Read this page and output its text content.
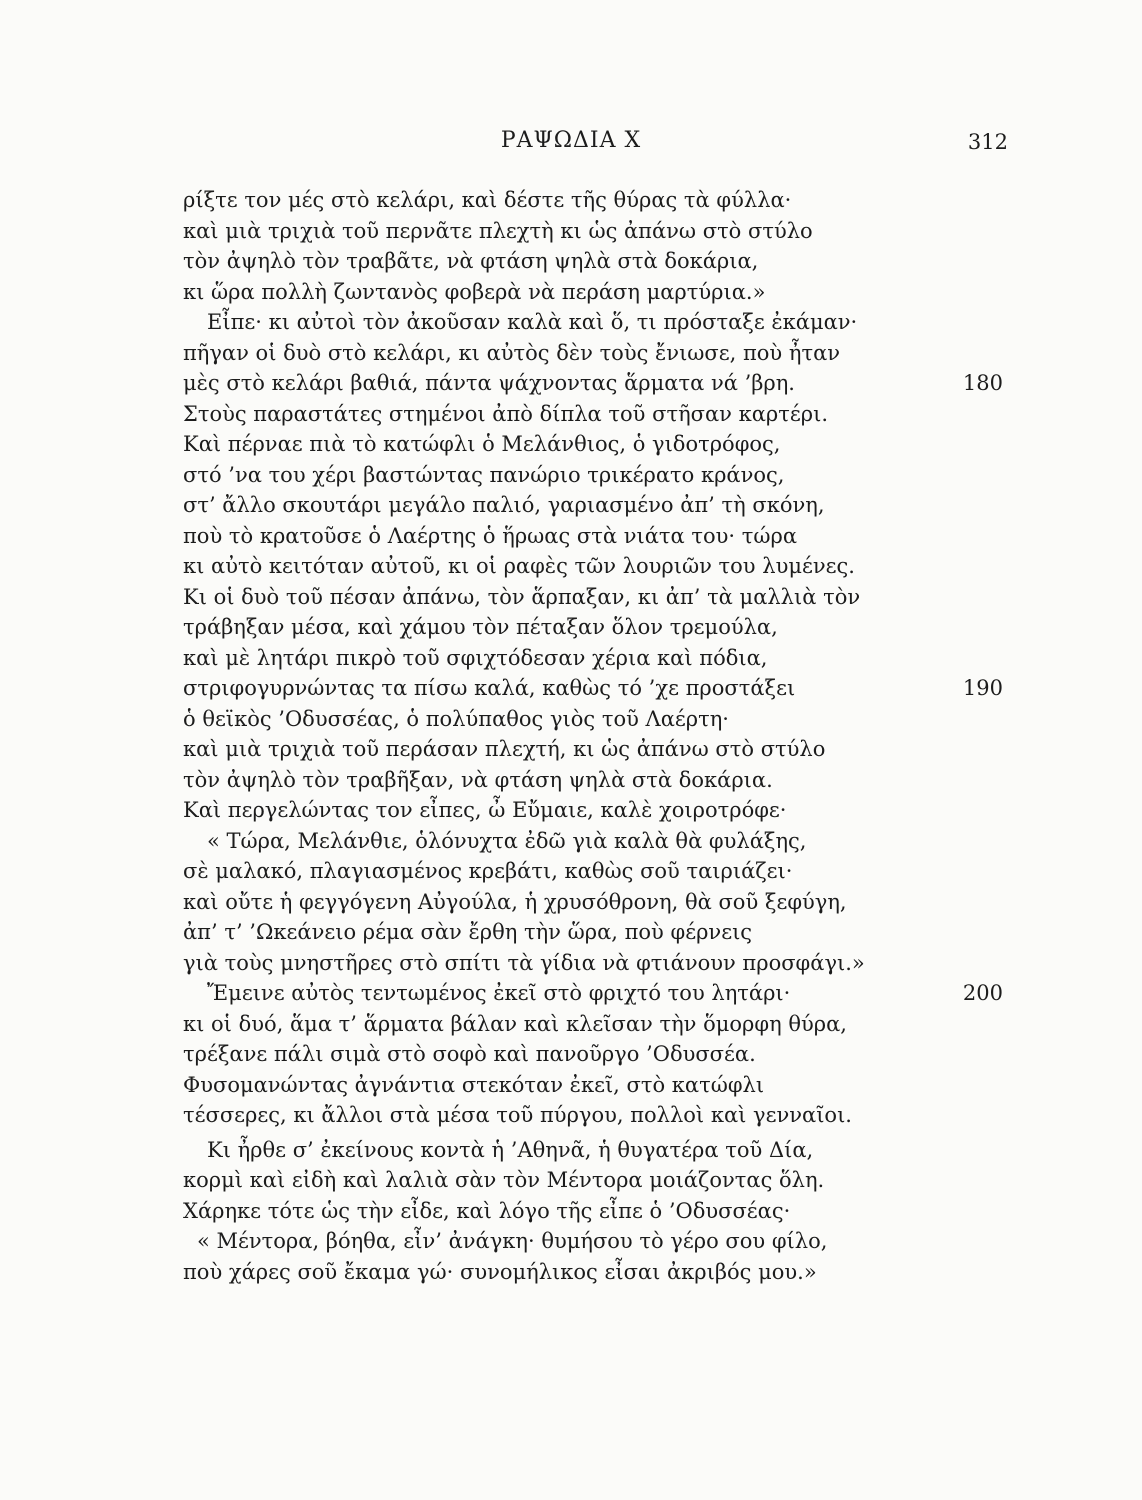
ΡΑΨΩΔΙΑ Χ	312
ρίξτε τον μές στὸ κελάρι, καὶ δέστε τῆς θύρας τὰ φύλλα·
καὶ μιὰ τριχιὰ τοῦ περνᾶτε πλεχτὴ κι ὡς ἀπάνω στὸ στύλο
τὸν ἀψηλὸ τὸν τραβᾶτε, νὰ φτάση ψηλὰ στὰ δοκάρια,
κι ὥρα πολλὴ ζωντανὸς φοβερὰ νὰ περάση μαρτύρια.»
Εἶπε· κι αὐτοὶ τὸν ἀκοῦσαν καλὰ καὶ ὅ, τι πρόσταξε ἐκάμαν·
πῆγαν οἱ δυὸ στὸ κελάρι, κι αὐτὸς δὲν τοὺς ἔνιωσε, ποὺ ἦταν
μὲς στὸ κελάρι βαθιά, πάντα ψάχνοντας ἅρματα νά ’βρη.	180
Στοὺς παραστάτες στημένοι ἀπὸ δίπλα τοῦ στῆσαν καρτέρι.
Καὶ πέρναε πιὰ τὸ κατώφλι ὁ Μελάνθιος, ὁ γιδοτρόφος,
στό ’να του χέρι βαστώντας πανώριο τρικέρατο κράνος,
στ’ ἄλλο σκουτάρι μεγάλο παλιό, γαριασμένο ἀπ’ τὴ σκόνη,
ποὺ τὸ κρατοῦσε ὁ Λαέρτης ὁ ἥρωας στὰ νιάτα του· τώρα
κι αὐτὸ κειτόταν αὐτοῦ, κι οἱ ραφὲς τῶν λουριῶν του λυμένες.
Κι οἱ δυὸ τοῦ πέσαν ἀπάνω, τὸν ἅρπαξαν, κι ἀπ’ τὰ μαλλιὰ τὸν
τράβηξαν μέσα, καὶ χάμου τὸν πέταξαν ὅλον τρεμούλα,
καὶ μὲ λητάρι πικρὸ τοῦ σφιχτόδεσαν χέρια καὶ πόδια,
στριφογυρνώντας τα πίσω καλά, καθὼς τό ’χε προστάξει	190
ὁ θεϊκὸς ’Οδυσσέας, ὁ πολύπαθος γιὸς τοῦ Λαέρτη·
καὶ μιὰ τριχιὰ τοῦ περάσαν πλεχτή, κι ὡς ἀπάνω στὸ στύλο
τὸν ἀψηλὸ τὸν τραβῆξαν, νὰ φτάση ψηλὰ στὰ δοκάρια.
Καὶ περγελώντας τον εἶπες, ὦ Εὔμαιε, καλὲ χοιροτρόφε·
« Τώρα, Μελάνθιε, ὁλόνυχτα ἐδῶ γιὰ καλὰ θὰ φυλάξης,
σὲ μαλακό, πλαγιασμένος κρεβάτι, καθὼς σοῦ ταιριάζει·
καὶ οὔτε ἡ φεγγόγενη Αὐγούλα, ἡ χρυσόθρονη, θὰ σοῦ ξεφύγη,
ἀπ’ τ’ ’Ωκεάνειο ρέμα σὰν ἔρθη τὴν ὥρα, ποὺ φέρνεις
γιὰ τοὺς μνηστῆρες στὸ σπίτι τὰ γίδια νὰ φτιάνουν προσφάγι.»
Ἔμεινε αὐτὸς τεντωμένος ἐκεῖ στὸ φριχτό του λητάρι·	200
κι οἱ δυό, ἅμα τ’ ἅρματα βάλαν καὶ κλεῖσαν τὴν ὅμορφη θύρα,
τρέξανε πάλι σιμὰ στὸ σοφὸ καὶ πανοῦργο ’Οδυσσέα.
Φυσομανώντας ἀγνάντια στεκόταν ἐκεῖ, στὸ κατώφλι
τέσσερες, κι ἄλλοι στὰ μέσα τοῦ πύργου, πολλοὶ καὶ γενναῖοι.
Κι ἦρθε σ’ ἐκείνους κοντὰ ἡ ’Αθηνᾶ, ἡ θυγατέρα τοῦ Δία,
κορμὶ καὶ εἰδὴ καὶ λαλιὰ σὰν τὸν Μέντορα μοιάζοντας ὅλη.
Χάρηκε τότε ὡς τὴν εἶδε, καὶ λόγο τῆς εἶπε ὁ ’Οδυσσέας·
« Μέντορα, βόηθα, εἶν’ ἀνάγκη· θυμήσου τὸ γέρο σου φίλο,
ποὺ χάρες σοῦ ἔκαμα γώ· συνομήλικος εἶσαι ἀκριβός μου.»
